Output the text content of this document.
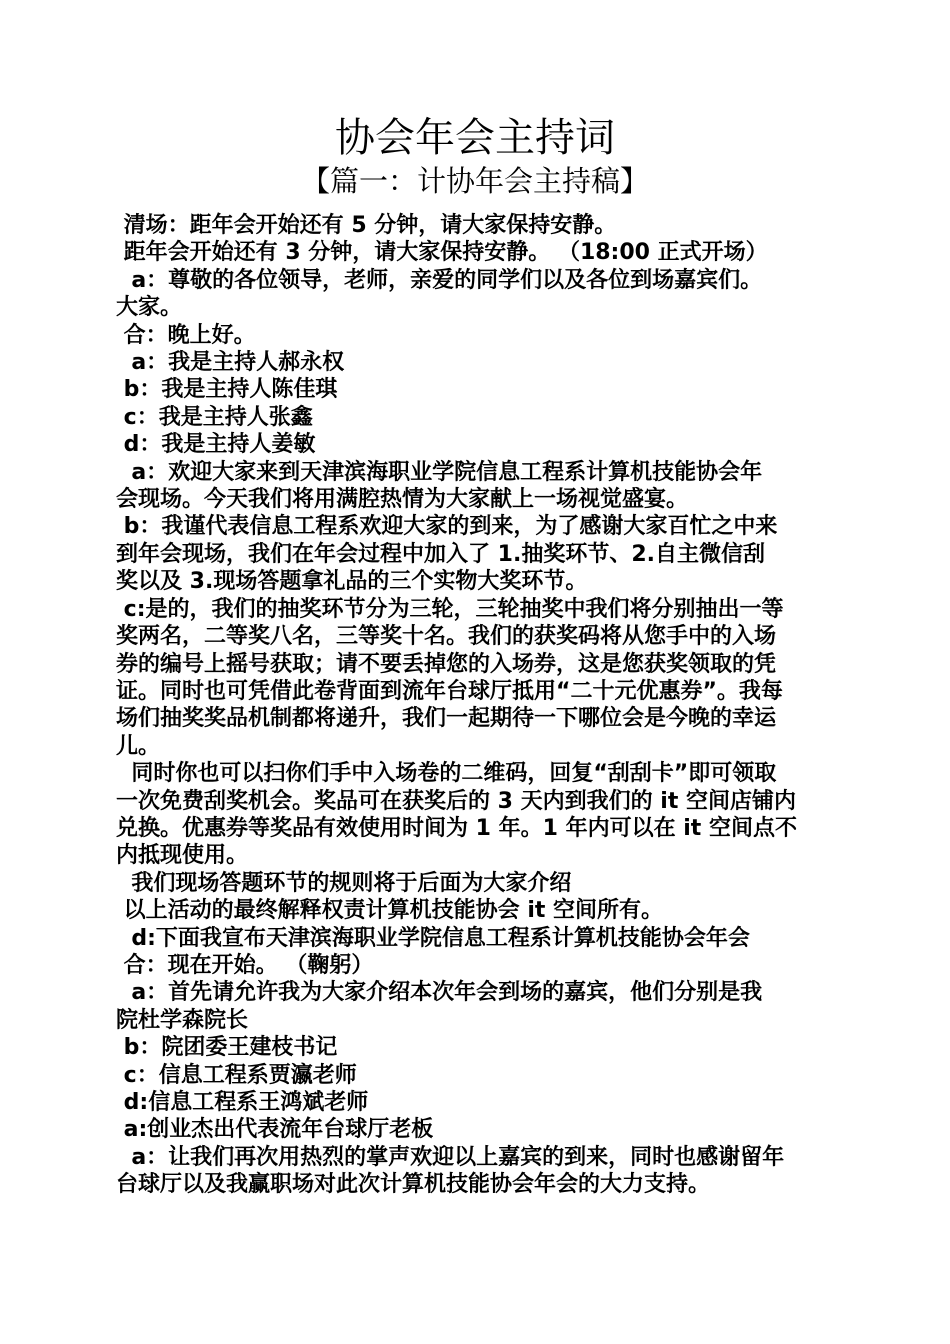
协会年会主持词
【篇一：计协年会主持稿】

清场：距年会开始还有 5 分钟，请大家保持安静。

距年会开始还有 3 分钟，请大家保持安静。 （18:00 正式开场）

a：尊敬的各位领导，老师，亲爱的同学们以及各位到场嘉宾们。

大家。

合：晚上好。

a：我是主持人郝永权

b：我是主持人陈佳琪

c：我是主持人张鑫

d：我是主持人姜敏

a：欢迎大家来到天津滨海职业学院信息工程系计算机技能协会年

会现场。今天我们将用满腔热情为大家献上一场视觉盛宴。

b：我谨代表信息工程系欢迎大家的到来，为了感谢大家百忙之中来

到年会现场，我们在年会过程中加入了 1.抽奖环节、2.自主微信刮

奖以及 3.现场答题拿礼品的三个实物大奖环节。

c:是的，我们的抽奖环节分为三轮，三轮抽奖中我们将分别抽出一等

奖两名，二等奖八名，三等奖十名。我们的获奖码将从您手中的入场

券的编号上摇号获取；请不要丢掉您的入场券，这是您获奖领取的凭

证。同时也可凭借此卷背面到流年台球厅抵用“二十元优惠券”。我每

场们抽奖奖品机制都将递升，我们一起期待一下哪位会是今晚的幸运

儿。

同时你也可以扫你们手中入场卷的二维码，回复“刮刮卡”即可领取

一次免费刮奖机会。奖品可在获奖后的 3 天内到我们的 it 空间店铺内

兑换。优惠券等奖品有效使用时间为 1 年。1 年内可以在 it 空间点不

内抵现使用。

我们现场答题环节的规则将于后面为大家介绍

以上活动的最终解释权责计算机技能协会 it 空间所有。

d:下面我宣布天津滨海职业学院信息工程系计算机技能协会年会

合：现在开始。 （鞠躬）

a：首先请允许我为大家介绍本次年会到场的嘉宾，他们分别是我

院杜学森院长

b：院团委王建枝书记

c：信息工程系贾瀛老师

d:信息工程系王鸿斌老师

a:创业杰出代表流年台球厅老板

a：让我们再次用热烈的掌声欢迎以上嘉宾的到来，同时也感谢留年

台球厅以及我赢职场对此次计算机技能协会年会的大力支持。
